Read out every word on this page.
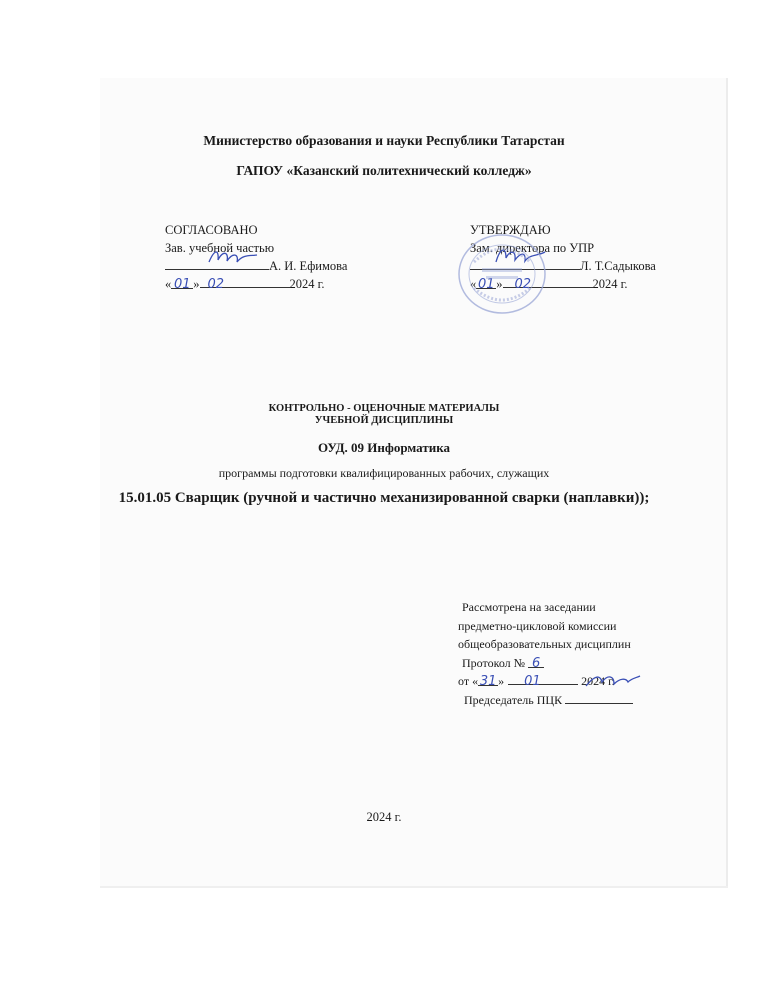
Министерство образования и науки Республики Татарстан
ГАПОУ «Казанский политехнический колледж»
СОГЛАСОВАНО
Зав. учебной частью
А. И. Ефимова
« 01 » 02	2024 г.
УТВЕРЖДАЮ
Зам. директора по УПР
Л. Т.Садыкова
« 01 » 02	2024 г.
КОНТРОЛЬНО - ОЦЕНОЧНЫЕ МАТЕРИАЛЫ
УЧЕБНОЙ ДИСЦИПЛИНЫ
ОУД. 09 Информатика
программы подготовки квалифицированных рабочих, служащих
15.01.05 Сварщик (ручной и частично механизированной сварки (наплавки));
Рассмотрена на заседании
предметно-цикловой комиссии
общеобразовательных дисциплин
Протокол № 6
от « 31 » 01	2024 г.
Председатель ПЦК
2024 г.
